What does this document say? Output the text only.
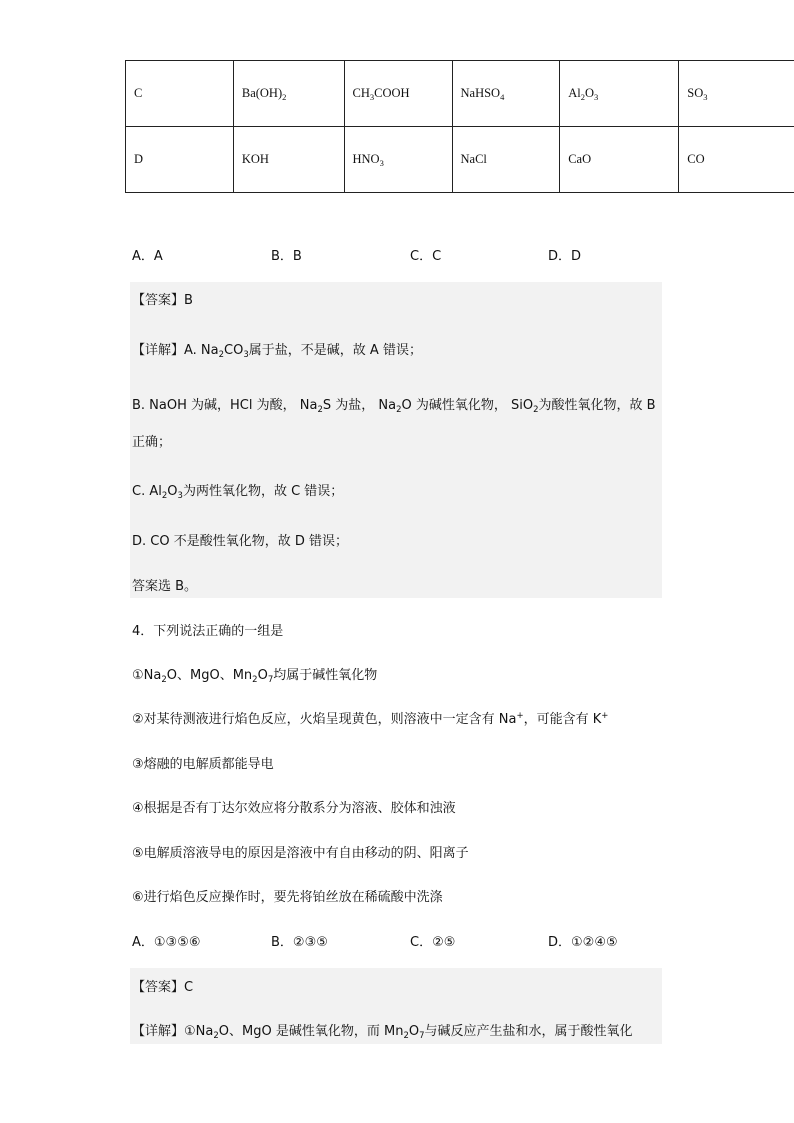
C	$Ba(OH)_2$	$CH_3COOH$	NaHSO$_4$	$Al_2O_3$	$SO_3$
D	KOH	$HNO_3$	NaCl	CaO	CO
A．A	B．B	C．C	D．D
【答案】B
【详解】A. $Na_2CO_3$属于盐，不是碱，故 A 错误；
B. NaOH 为碱，HCl 为酸， $Na_2S$ 为盐， $Na_2O$ 为碱性氧化物， SiO$_2$为酸性氧化物，故 B
正确；
C. $Al_2O_3$为两性氧化物，故 C 错误；
D. CO 不是酸性氧化物，故 D 错误；
答案选 B。
4．下列说法正确的一组是
$①Na_2O$、MgO、$Mn_2O_7$均属于碱性氧化物
②对某待测液进行焰色反应，火焰呈现黄色，则溶液中一定含有 Na+，可能含有 K+
③熔融的电解质都能导电
④根据是否有丁达尔效应将分散系分为溶液、胶体和浊液
⑤电解质溶液导电的原因是溶液中有自由移动的阴、阳离子
⑥进行焰色反应操作时，要先将铂丝放在稀硫酸中洗涤
A．①③⑤⑥	B．②③⑤	C．②⑤	D．①②④⑤
【答案】C
【详解】$①Na_2O$、MgO 是碱性氧化物，而 $Mn_2O_7$与碱反应产生盐和水，属于酸性氧化
